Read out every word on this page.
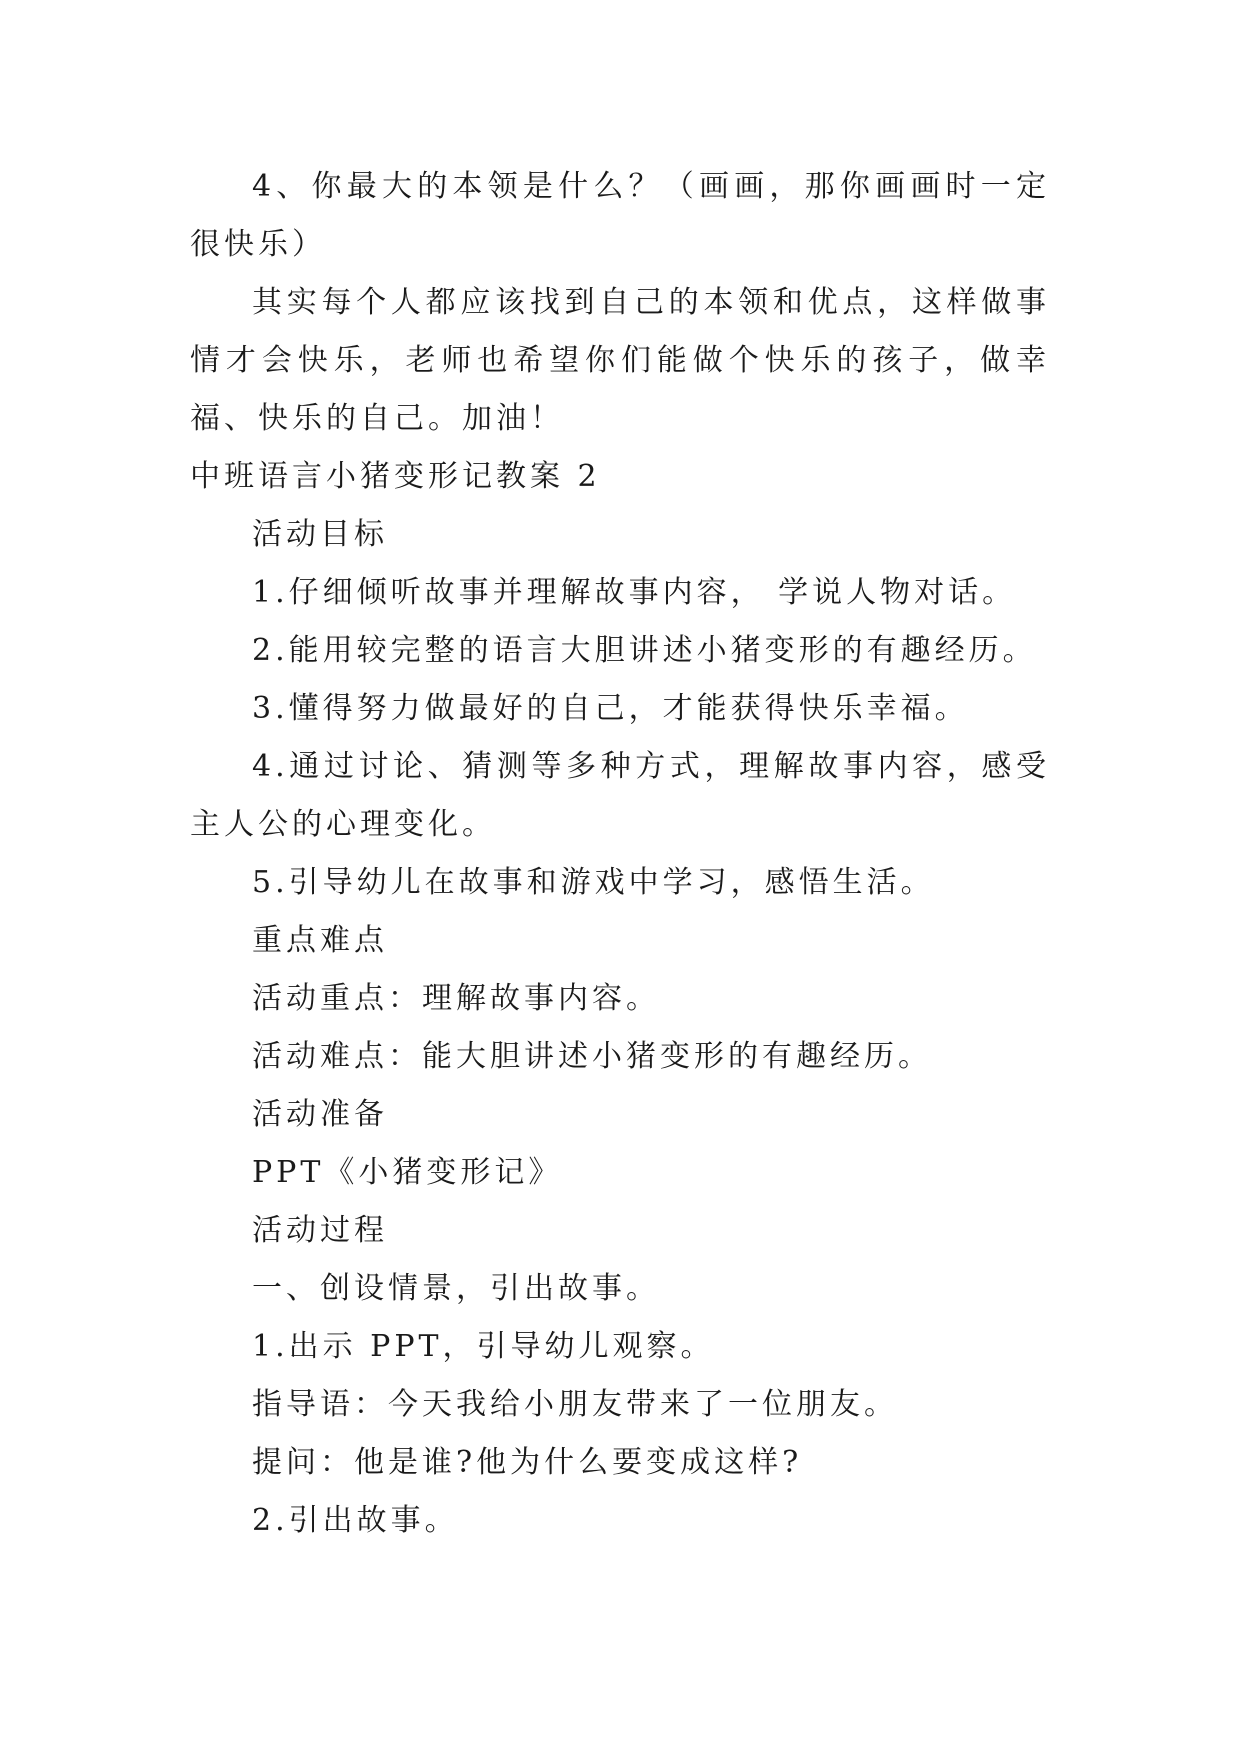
4、你最大的本领是什么？（画画，那你画画时一定很快乐）

其实每个人都应该找到自己的本领和优点，这样做事情才会快乐，老师也希望你们能做个快乐的孩子，做幸福、快乐的自己。加油！

中班语言小猪变形记教案 2

活动目标

1.仔细倾听故事并理解故事内容， 学说人物对话。

2.能用较完整的语言大胆讲述小猪变形的有趣经历。

3.懂得努力做最好的自己，才能获得快乐幸福。

4.通过讨论、猜测等多种方式，理解故事内容，感受主人公的心理变化。

5.引导幼儿在故事和游戏中学习，感悟生活。

重点难点

活动重点：理解故事内容。

活动难点：能大胆讲述小猪变形的有趣经历。

活动准备

PPT《小猪变形记》

活动过程

一、创设情景，引出故事。

1.出示 PPT，引导幼儿观察。

指导语：今天我给小朋友带来了一位朋友。

提问：他是谁?他为什么要变成这样?

2.引出故事。
